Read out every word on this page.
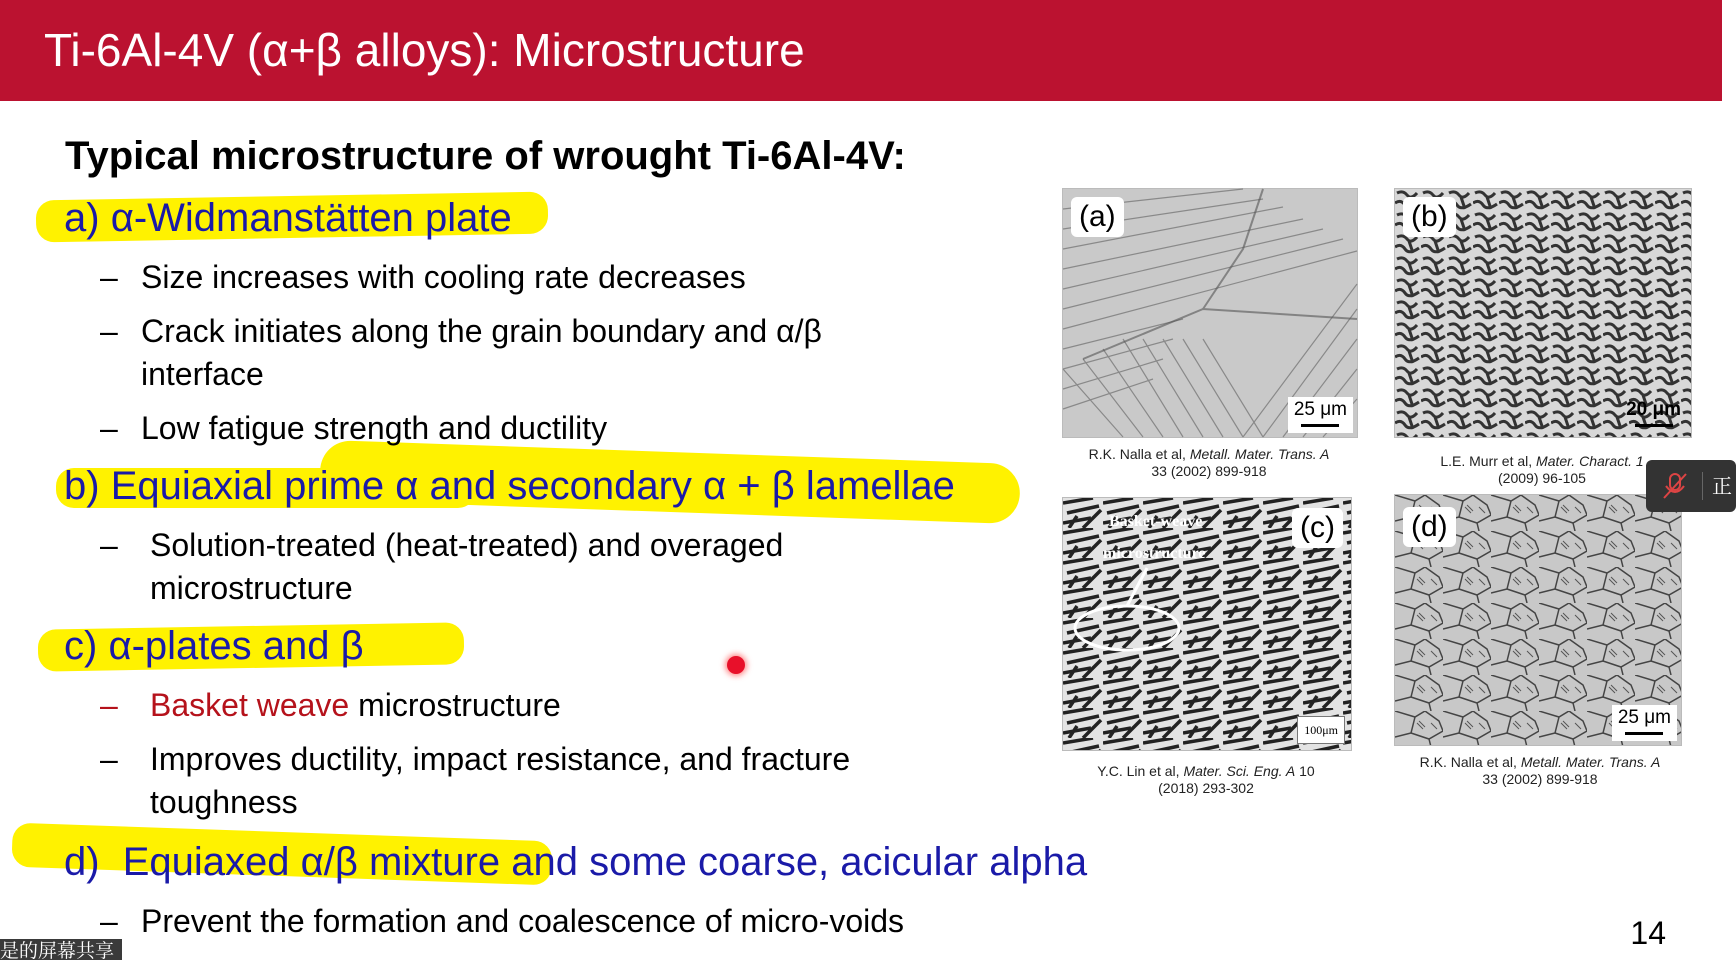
Ti-6Al-4V (α+β alloys): Microstructure
Typical microstructure of wrought Ti-6Al-4V:
a) α-Widmanstätten plate
– Size increases with cooling rate decreases
– Crack initiates along the grain boundary and α/β
interface
– Low fatigue strength and ductility
b) Equiaxial prime α and secondary α + β lamellae
– Solution-treated (heat-treated) and overaged
microstructure
c) α-plates and β
– Basket weave microstructure
– Improves ductility, impact resistance, and fracture
toughness
d) Equiaxed α/β mixture and some coarse, acicular alpha
– Prevent the formation and coalescence of micro-voids
(a)
25 μm
R.K. Nalla et al, Metall. Mater. Trans. A
33 (2002) 899-918
(b)
20 μm
L.E. Murr et al, Mater. Charact. 1
(2009) 96-105
Basket-weave
microstructure
(c)
100μm
Y.C. Lin et al, Mater. Sci. Eng. A 10
(2018) 293-302
(d)
25 μm
R.K. Nalla et al, Metall. Mater. Trans. A
33 (2002) 899-918
正
14
是的屏幕共享
